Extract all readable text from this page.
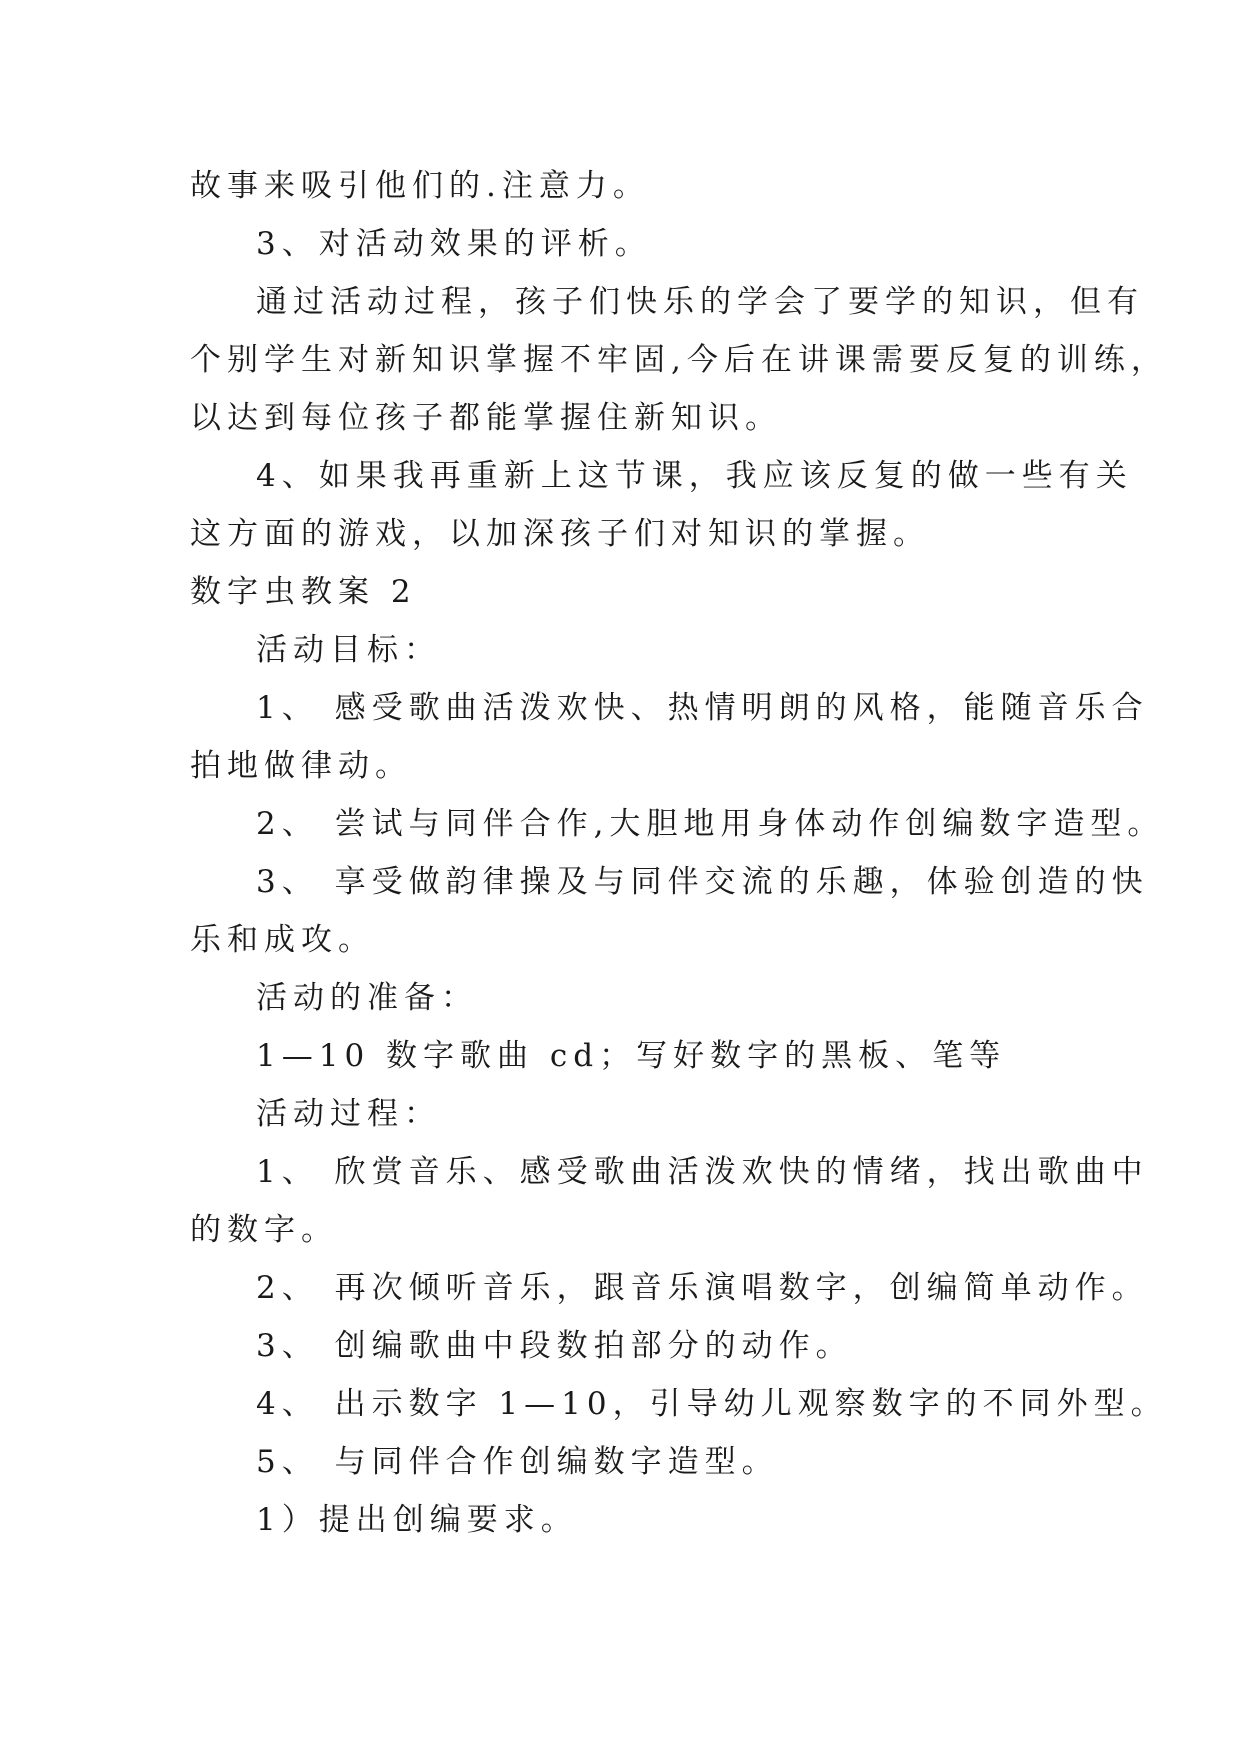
故事来吸引他们的.注意力。
3、对活动效果的评析。
通过活动过程，孩子们快乐的学会了要学的知识，但有
个别学生对新知识掌握不牢固,今后在讲课需要反复的训练，
以达到每位孩子都能掌握住新知识。
4、如果我再重新上这节课，我应该反复的做一些有关
这方面的游戏，以加深孩子们对知识的掌握。
数字虫教案 2
活动目标：
1、 感受歌曲活泼欢快、热情明朗的风格，能随音乐合
拍地做律动。
2、 尝试与同伴合作,大胆地用身体动作创编数字造型。
3、 享受做韵律操及与同伴交流的乐趣，体验创造的快
乐和成攻。
活动的准备：
1—10 数字歌曲 cd；写好数字的黑板、笔等
活动过程：
1、 欣赏音乐、感受歌曲活泼欢快的情绪，找出歌曲中
的数字。
2、 再次倾听音乐，跟音乐演唱数字，创编简单动作。
3、 创编歌曲中段数拍部分的动作。
4、 出示数字 1—10，引导幼儿观察数字的不同外型。
5、 与同伴合作创编数字造型。
1）提出创编要求。
